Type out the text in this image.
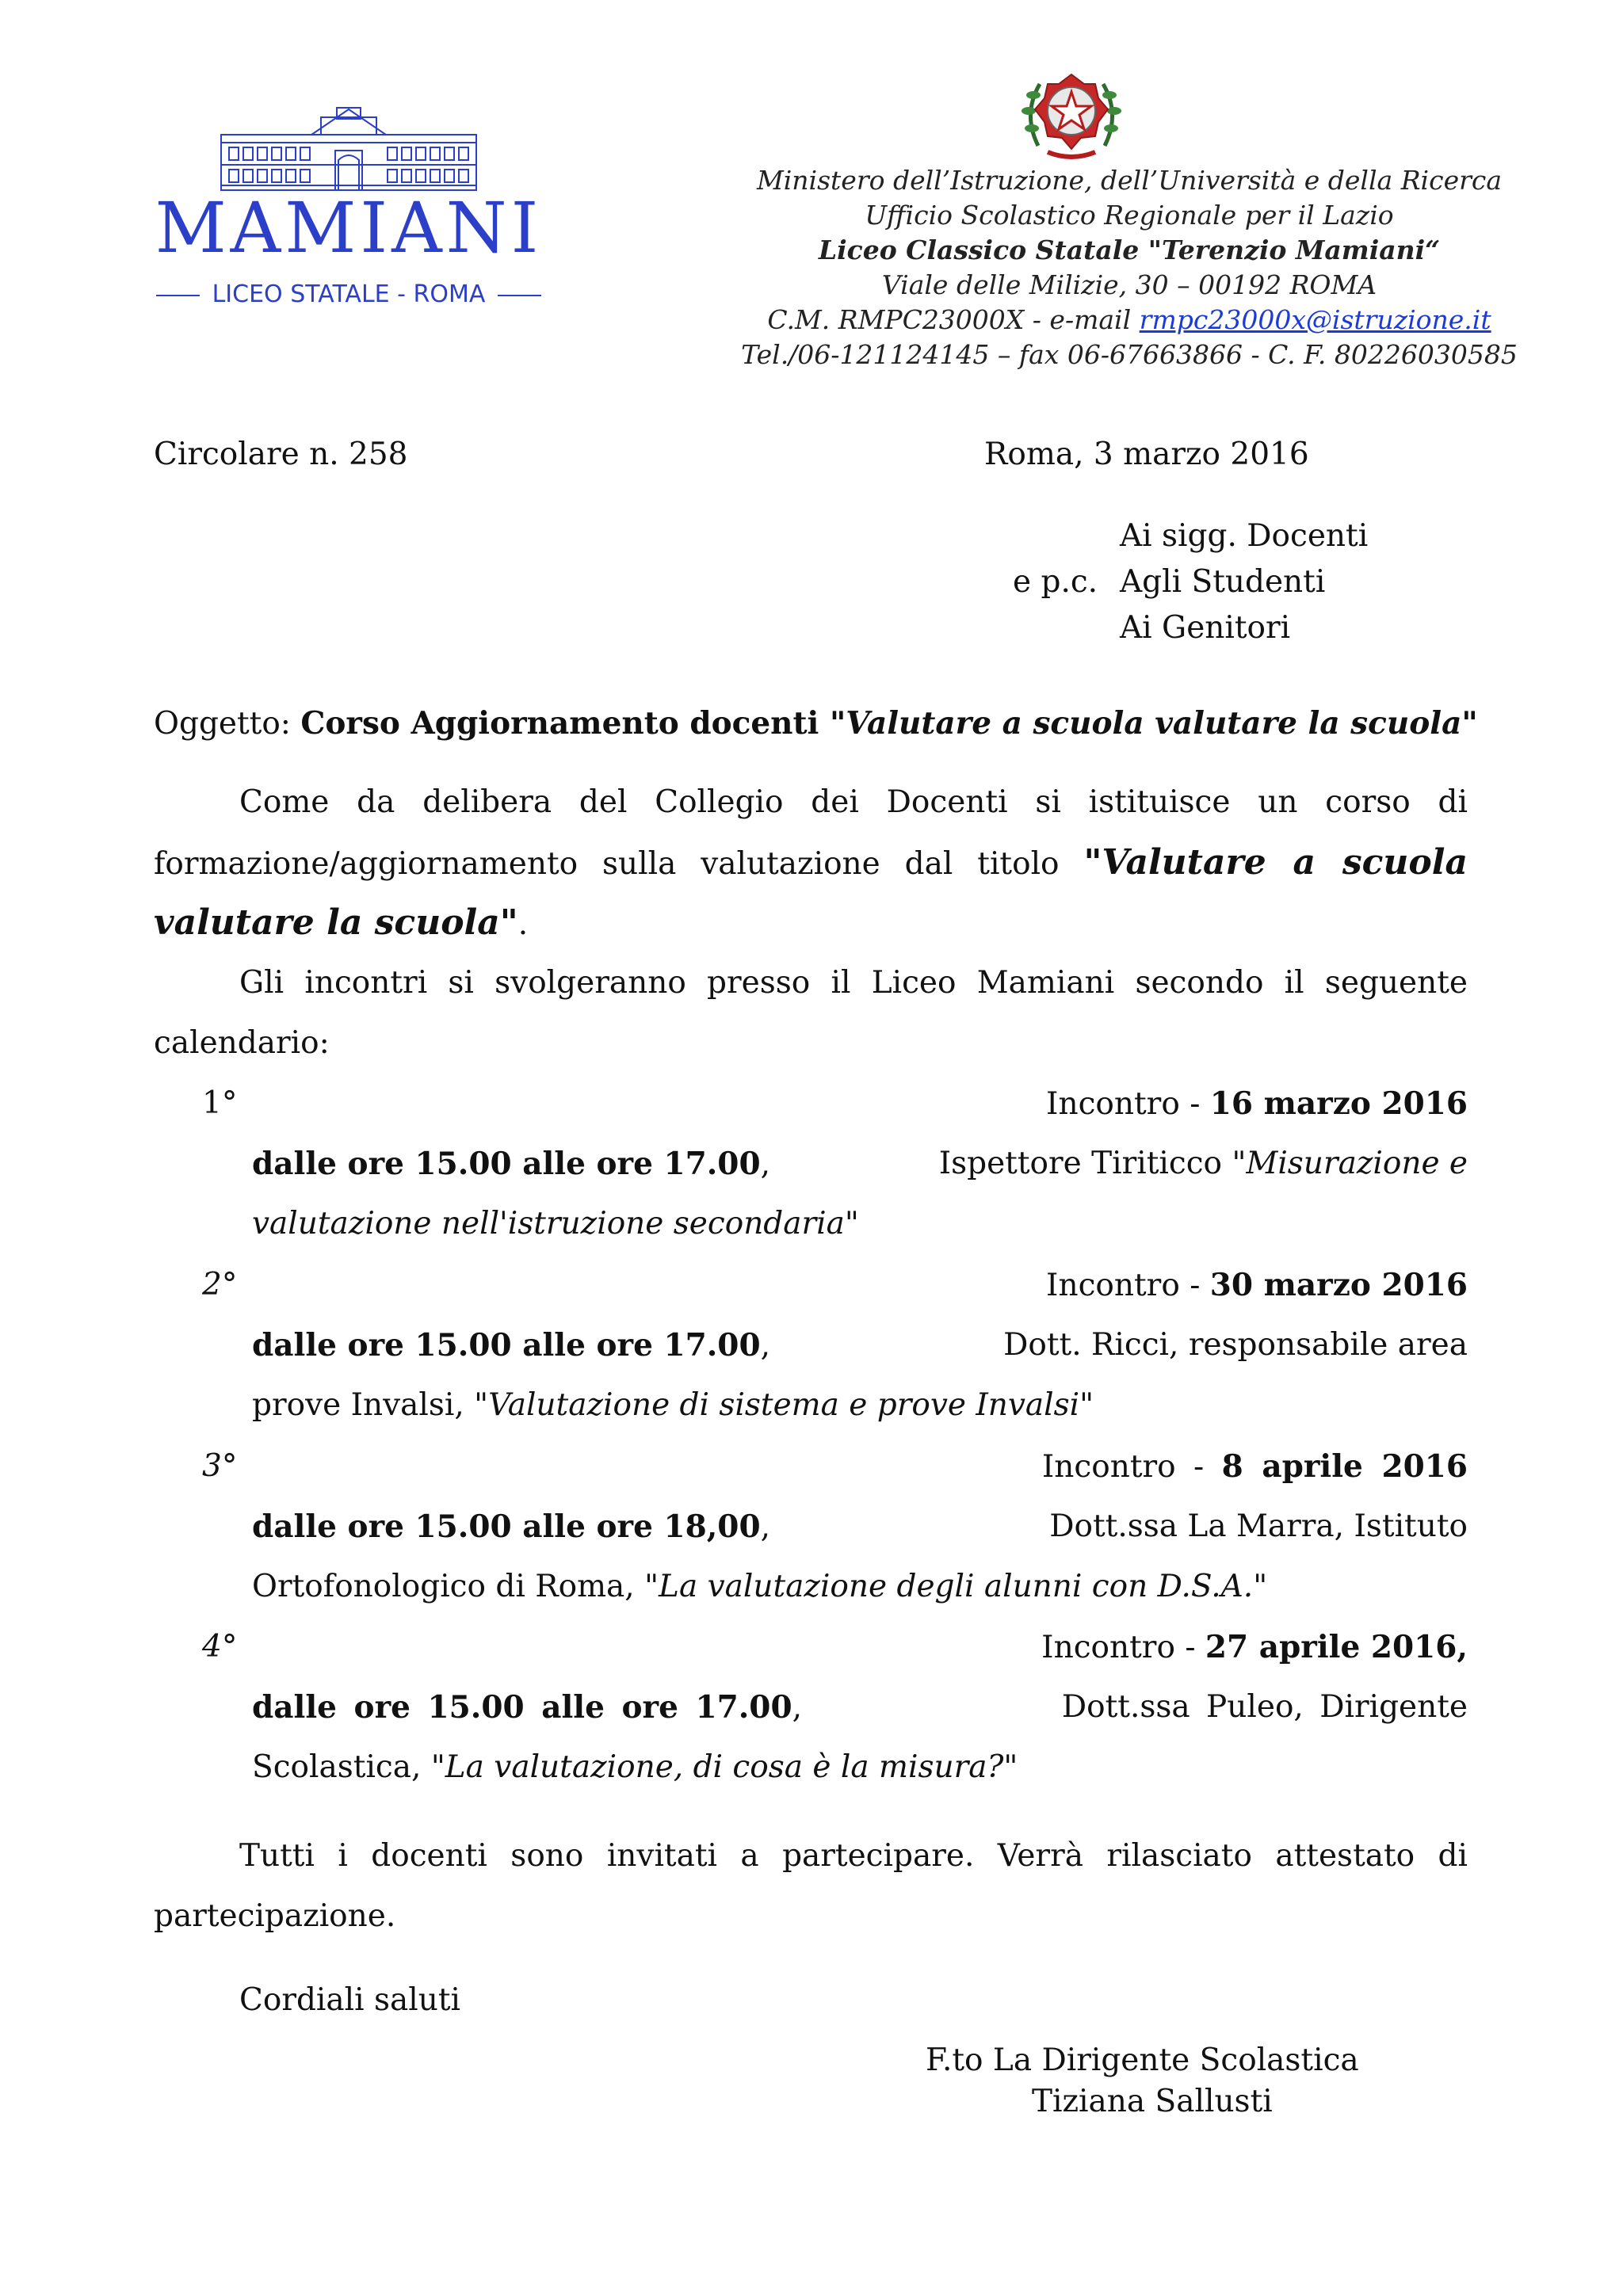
MAMIANI
LICEO STATALE - ROMA
Ministero dell’Istruzione, dell’Università e della Ricerca
Ufficio Scolastico Regionale per il Lazio
Liceo Classico Statale "Terenzio Mamiani“
Viale delle Milizie, 30 – 00192 ROMA
C.M. RMPC23000X - e-mail rmpc23000x@istruzione.it
Tel./06-121124145 – fax 06-67663866 - C. F. 80226030585
Circolare n. 258	Roma, 3 marzo 2016
Ai sigg. Docenti
e p.c. Agli Studenti
Ai Genitori
Oggetto: Corso Aggiornamento docenti "Valutare a scuola valutare la scuola"
Come da delibera del Collegio dei Docenti si istituisce un corso di
formazione/aggiornamento sulla valutazione dal titolo "Valutare a scuola
valutare la scuola".
Gli incontri si svolgeranno presso il Liceo Mamiani secondo il seguente
calendario:
1°	Incontro - 16 marzo 2016
dalle ore 15.00 alle ore 17.00,	Ispettore Tiriticco "Misurazione e
valutazione nell'istruzione secondaria"
2°	Incontro - 30 marzo 2016
dalle ore 15.00 alle ore 17.00,	Dott. Ricci, responsabile area
prove Invalsi, "Valutazione di sistema e prove Invalsi"
3°	Incontro - 8 aprile 2016
dalle ore 15.00 alle ore 18,00,	Dott.ssa La Marra, Istituto
Ortofonologico di Roma, "La valutazione degli alunni con D.S.A."
4°	Incontro - 27 aprile 2016,
dalle ore 15.00 alle ore 17.00,	Dott.ssa Puleo, Dirigente
Scolastica, "La valutazione, di cosa è la misura?"
Tutti i docenti sono invitati a partecipare. Verrà rilasciato attestato di
partecipazione.
Cordiali saluti
F.to La Dirigente Scolastica
Tiziana Sallusti
